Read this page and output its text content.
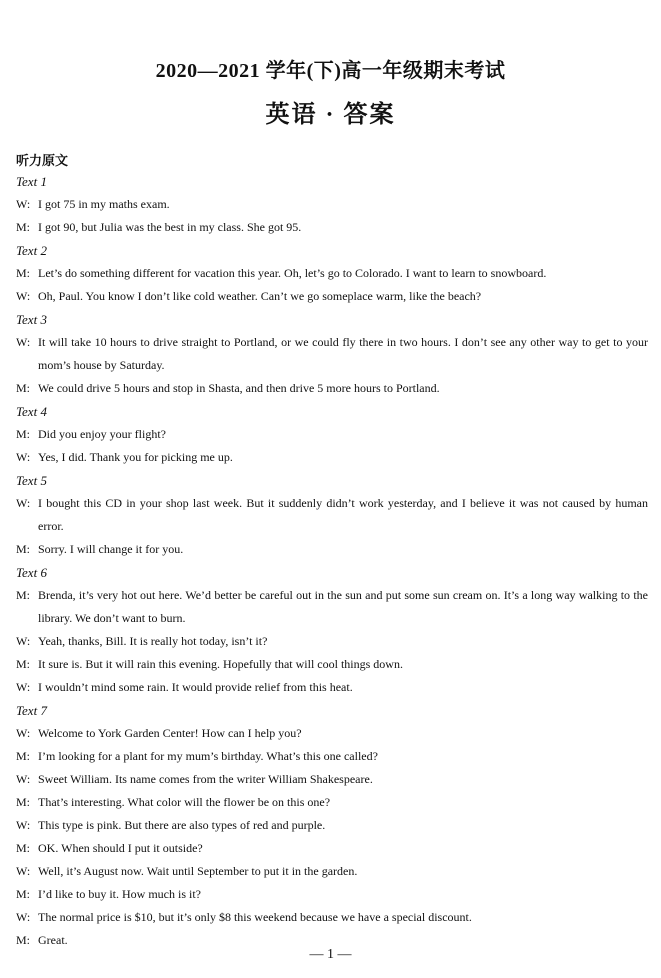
2020—2021 学年(下)高一年级期末考试
英语 · 答案
听力原文
Text 1
W: I got 75 in my maths exam.
M: I got 90, but Julia was the best in my class. She got 95.
Text 2
M: Let’s do something different for vacation this year. Oh, let’s go to Colorado. I want to learn to snowboard.
W: Oh, Paul. You know I don’t like cold weather. Can’t we go someplace warm, like the beach?
Text 3
W: It will take 10 hours to drive straight to Portland, or we could fly there in two hours. I don’t see any other way to get to your mom’s house by Saturday.
M: We could drive 5 hours and stop in Shasta, and then drive 5 more hours to Portland.
Text 4
M: Did you enjoy your flight?
W: Yes, I did. Thank you for picking me up.
Text 5
W: I bought this CD in your shop last week. But it suddenly didn’t work yesterday, and I believe it was not caused by human error.
M: Sorry. I will change it for you.
Text 6
M: Brenda, it’s very hot out here. We’d better be careful out in the sun and put some sun cream on. It’s a long way walking to the library. We don’t want to burn.
W: Yeah, thanks, Bill. It is really hot today, isn’t it?
M: It sure is. But it will rain this evening. Hopefully that will cool things down.
W: I wouldn’t mind some rain. It would provide relief from this heat.
Text 7
W: Welcome to York Garden Center! How can I help you?
M: I’m looking for a plant for my mum’s birthday. What’s this one called?
W: Sweet William. Its name comes from the writer William Shakespeare.
M: That’s interesting. What color will the flower be on this one?
W: This type is pink. But there are also types of red and purple.
M: OK. When should I put it outside?
W: Well, it’s August now. Wait until September to put it in the garden.
M: I’d like to buy it. How much is it?
W: The normal price is $10, but it’s only $8 this weekend because we have a special discount.
M: Great.
— 1 —
